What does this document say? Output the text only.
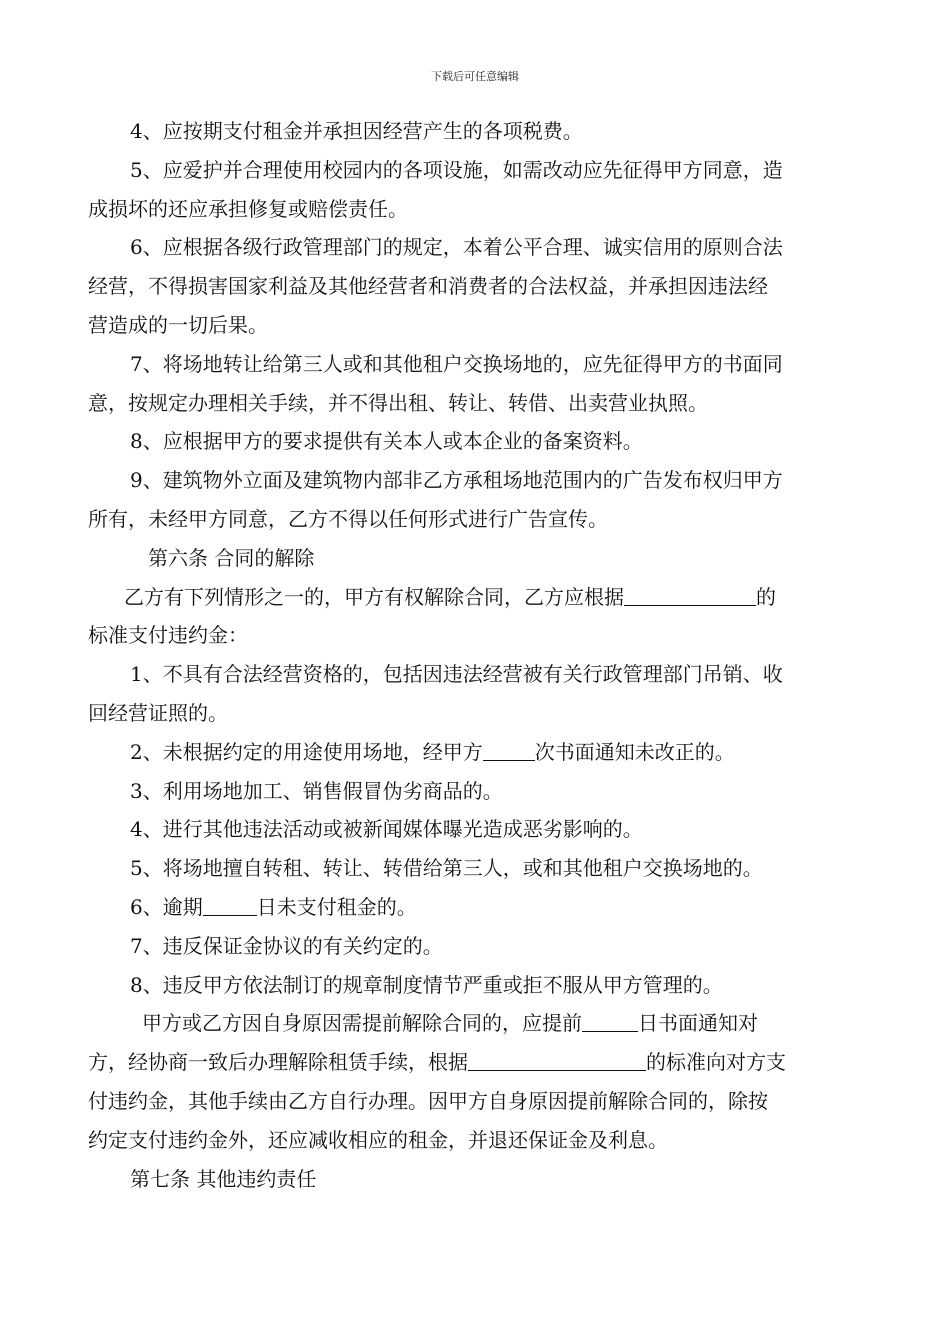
下载后可任意编辑

4、应按期支付租金并承担因经营产生的各项税费。

5、应爱护并合理使用校园内的各项设施，如需改动应先征得甲方同意，造

成损坏的还应承担修复或赔偿责任。

6、应根据各级行政管理部门的规定，本着公平合理、诚实信用的原则合法

经营，不得损害国家利益及其他经营者和消费者的合法权益，并承担因违法经

营造成的一切后果。

7、将场地转让给第三人或和其他租户交换场地的，应先征得甲方的书面同

意，按规定办理相关手续，并不得出租、转让、转借、出卖营业执照。

8、应根据甲方的要求提供有关本人或本企业的备案资料。

9、建筑物外立面及建筑物内部非乙方承租场地范围内的广告发布权归甲方

所有，未经甲方同意，乙方不得以任何形式进行广告宣传。

第六条 合同的解除

乙方有下列情形之一的，甲方有权解除合同，乙方应根据	的

标准支付违约金：

1、不具有合法经营资格的，包括因违法经营被有关行政管理部门吊销、收

回经营证照的。

2、未根据约定的用途使用场地，经甲方	次书面通知未改正的。

3、利用场地加工、销售假冒伪劣商品的。

4、进行其他违法活动或被新闻媒体曝光造成恶劣影响的。

5、将场地擅自转租、转让、转借给第三人，或和其他租户交换场地的。

6、逾期	日未支付租金的。

7、违反保证金协议的有关约定的。

8、违反甲方依法制订的规章制度情节严重或拒不服从甲方管理的。

甲方或乙方因自身原因需提前解除合同的，应提前	日书面通知对

方，经协商一致后办理解除租赁手续，根据	的标准向对方支

付违约金，其他手续由乙方自行办理。因甲方自身原因提前解除合同的，除按

约定支付违约金外，还应减收相应的租金，并退还保证金及利息。

第七条 其他违约责任
